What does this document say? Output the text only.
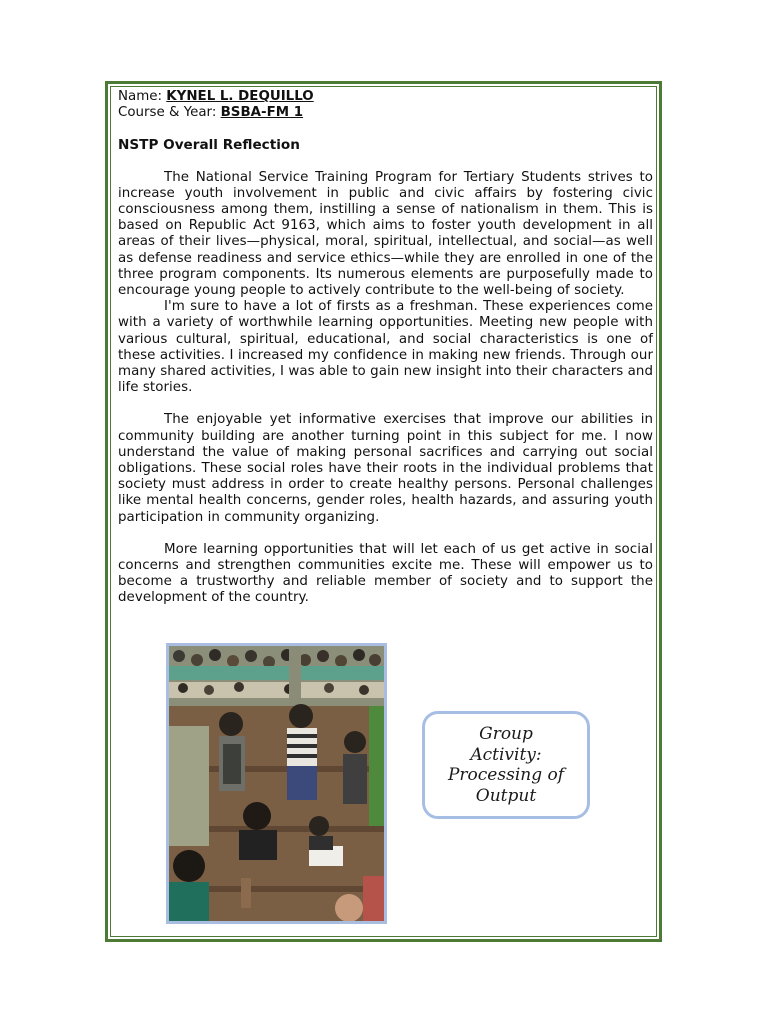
Name: KYNEL L. DEQUILLO

Course & Year: BSBA-FM 1

NSTP Overall Reflection

The National Service Training Program for Tertiary Students strives to increase youth involvement in public and civic affairs by fostering civic consciousness among them, instilling a sense of nationalism in them. This is based on Republic Act 9163, which aims to foster youth development in all areas of their lives—physical, moral, spiritual, intellectual, and social—as well as defense readiness and service ethics—while they are enrolled in one of the three program components. Its numerous elements are purposefully made to encourage young people to actively contribute to the well-being of society.

I'm sure to have a lot of firsts as a freshman. These experiences come with a variety of worthwhile learning opportunities. Meeting new people with various cultural, spiritual, educational, and social characteristics is one of these activities. I increased my confidence in making new friends. Through our many shared activities, I was able to gain new insight into their characters and life stories.

The enjoyable yet informative exercises that improve our abilities in community building are another turning point in this subject for me. I now understand the value of making personal sacrifices and carrying out social obligations. These social roles have their roots in the individual problems that society must address in order to create healthy persons. Personal challenges like mental health concerns, gender roles, health hazards, and assuring youth participation in community organizing.

More learning opportunities that will let each of us get active in social concerns and strengthen communities excite me. These will empower us to become a trustworthy and reliable member of society and to support the development of the country.

Group
Activity:
Processing of
Output
